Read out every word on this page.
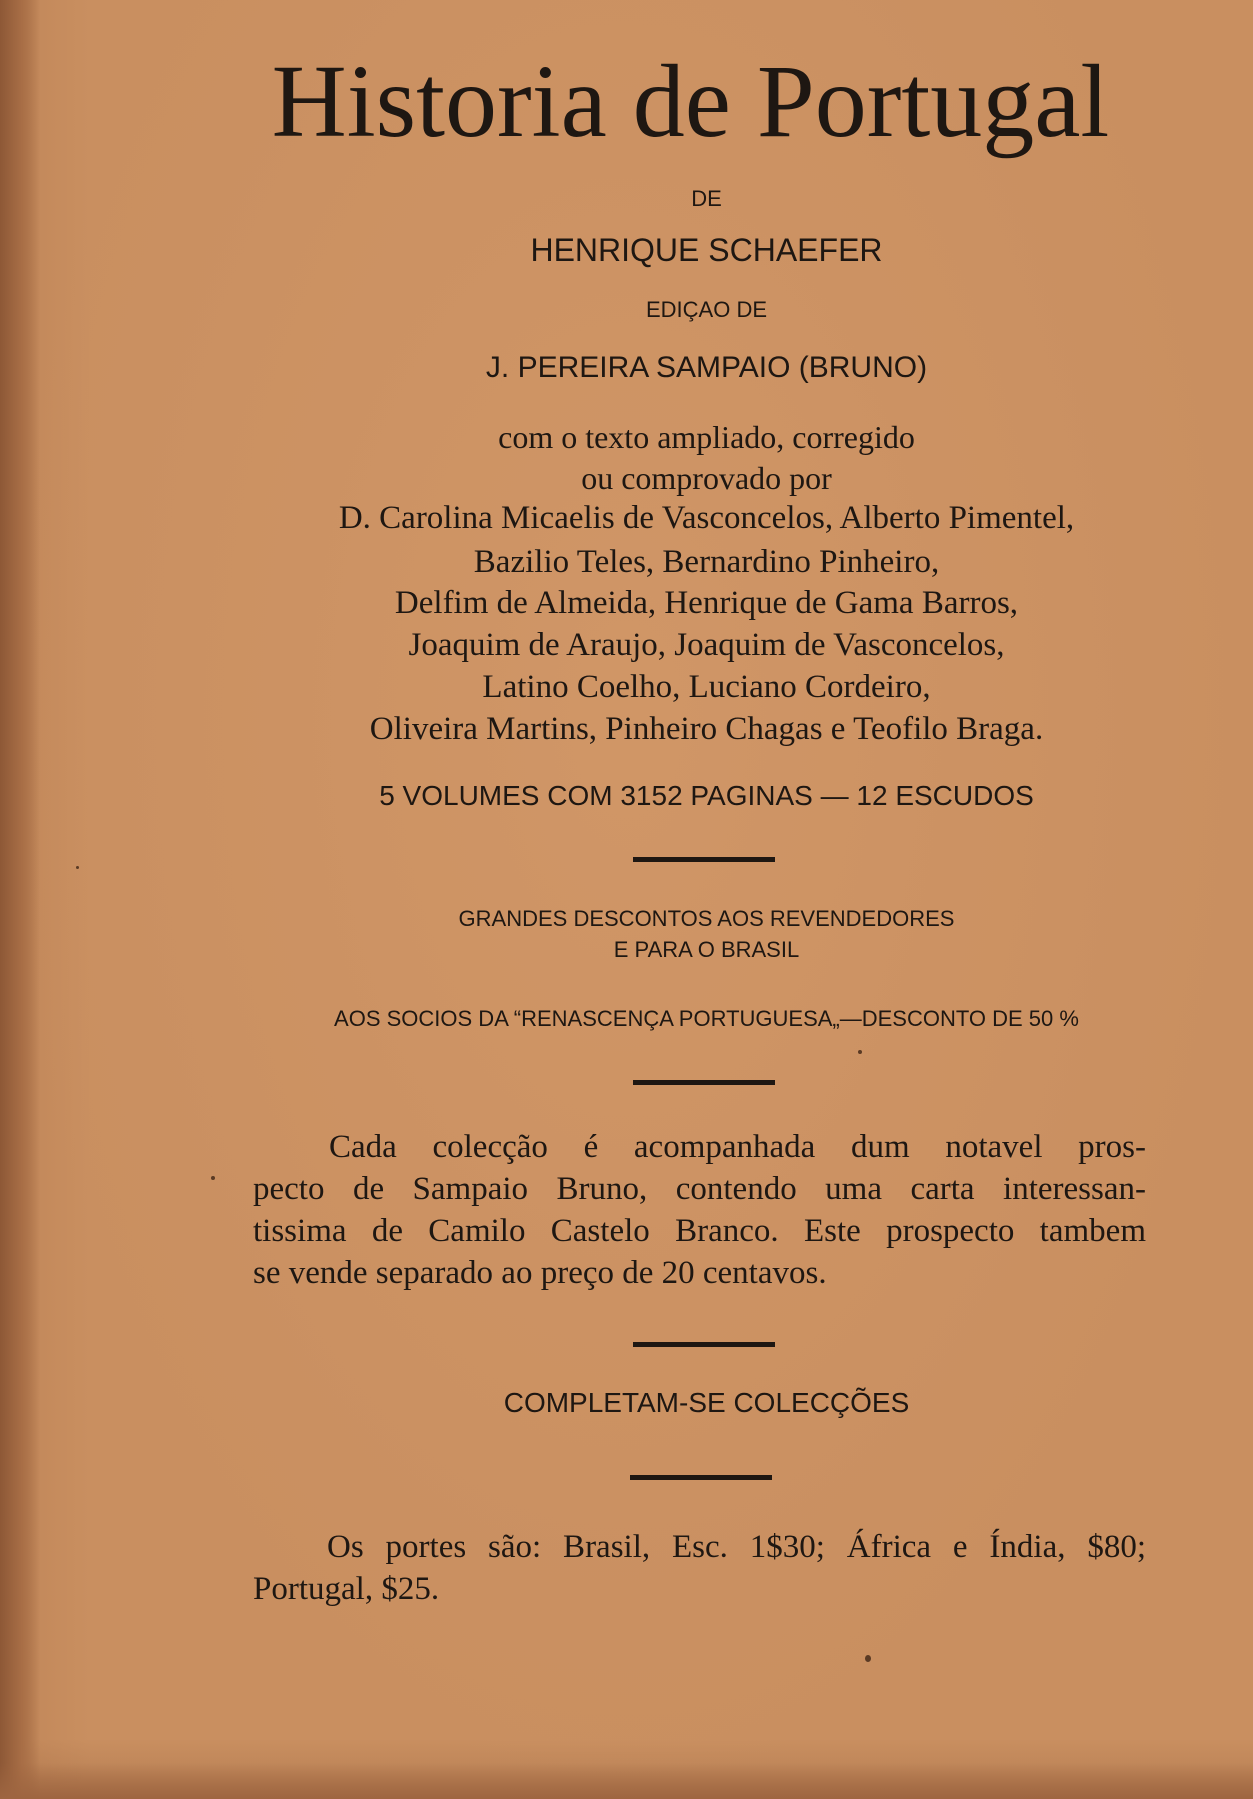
Historia de Portugal
DE
HENRIQUE SCHAEFER
EDIÇAO DE
J. PEREIRA SAMPAIO (BRUNO)
com o texto ampliado, corregido
ou comprovado por
D. Carolina Micaelis de Vasconcelos, Alberto Pimentel,
Bazilio Teles, Bernardino Pinheiro,
Delfim de Almeida, Henrique de Gama Barros,
Joaquim de Araujo, Joaquim de Vasconcelos,
Latino Coelho, Luciano Cordeiro,
Oliveira Martins, Pinheiro Chagas e Teofilo Braga.
5 VOLUMES COM 3152 PAGINAS — 12 ESCUDOS
GRANDES DESCONTOS AOS REVENDEDORES
E PARA O BRASIL
AOS SOCIOS DA “RENASCENÇA PORTUGUESA„—DESCONTO DE 50 %
Cada colecção é acompanhada dum notavel pros-
pecto de Sampaio Bruno, contendo uma carta interessan-
tissima de Camilo Castelo Branco. Este prospecto tambem
se vende separado ao preço de 20 centavos.
COMPLETAM-SE COLECÇÕES
Os portes são: Brasil, Esc. 1$30; África e Índia, $80;
Portugal, $25.
